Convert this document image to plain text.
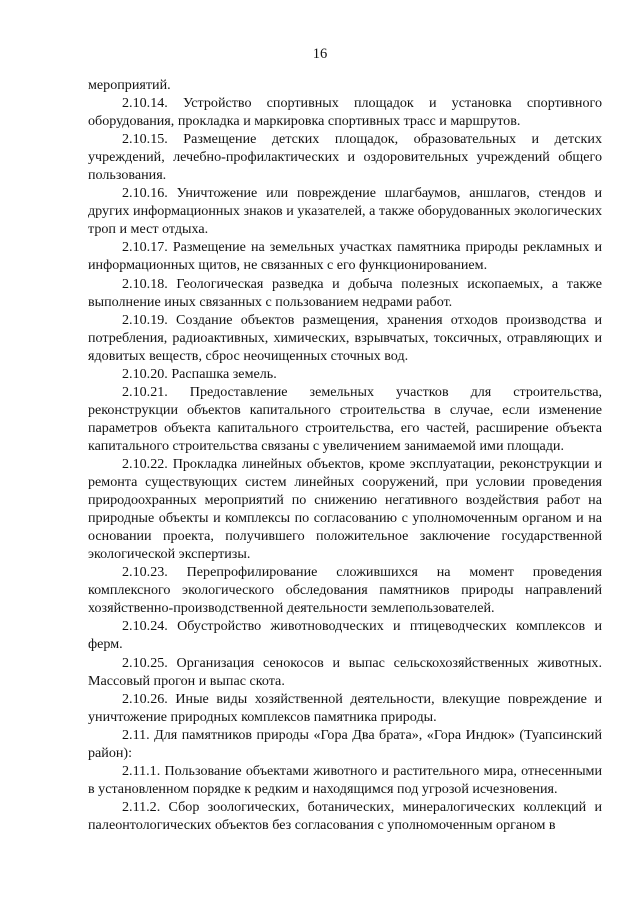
16

мероприятий.

2.10.14. Устройство спортивных площадок и установка спортивного оборудования, прокладка и маркировка спортивных трасс и маршрутов.

2.10.15. Размещение детских площадок, образовательных и детских учреждений, лечебно-профилактических и оздоровительных учреждений общего пользования.

2.10.16. Уничтожение или повреждение шлагбаумов, аншлагов, стендов и других информационных знаков и указателей, а также оборудованных экологических троп и мест отдыха.

2.10.17. Размещение на земельных участках памятника природы рекламных и информационных щитов, не связанных с его функционированием.

2.10.18. Геологическая разведка и добыча полезных ископаемых, а также выполнение иных связанных с пользованием недрами работ.

2.10.19. Создание объектов размещения, хранения отходов производства и потребления, радиоактивных, химических, взрывчатых, токсичных, отравляющих и ядовитых веществ, сброс неочищенных сточных вод.

2.10.20. Распашка земель.

2.10.21. Предоставление земельных участков для строительства, реконструкции объектов капитального строительства в случае, если изменение параметров объекта капитального строительства, его частей, расширение объекта капитального строительства связаны с увеличением занимаемой ими площади.

2.10.22. Прокладка линейных объектов, кроме эксплуатации, реконструкции и ремонта существующих систем линейных сооружений, при условии проведения природоохранных мероприятий по снижению негативного воздействия работ на природные объекты и комплексы по согласованию с уполномоченным органом и на основании проекта, получившего положительное заключение государственной экологической экспертизы.

2.10.23. Перепрофилирование сложившихся на момент проведения комплексного экологического обследования памятников природы направлений хозяйственно-производственной деятельности землепользователей.

2.10.24. Обустройство животноводческих и птицеводческих комплексов и ферм.

2.10.25. Организация сенокосов и выпас сельскохозяйственных животных. Массовый прогон и выпас скота.

2.10.26. Иные виды хозяйственной деятельности, влекущие повреждение и уничтожение природных комплексов памятника природы.

2.11. Для памятников природы «Гора Два брата», «Гора Индюк» (Туапсинский район):

2.11.1. Пользование объектами животного и растительного мира, отнесенными в установленном порядке к редким и находящимся под угрозой исчезновения.

2.11.2. Сбор зоологических, ботанических, минералогических коллекций и палеонтологических объектов без согласования с уполномоченным органом в
